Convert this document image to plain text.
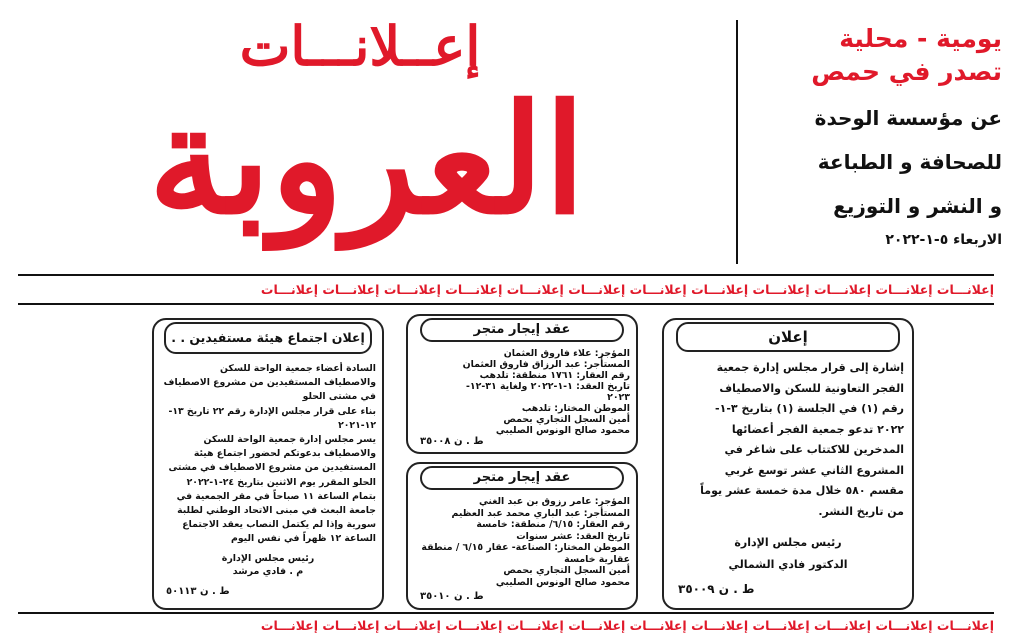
يومية - محلية
تصدر في حمص
عن مؤسسة الوحدة
للصحافة و الطباعة
و النشر و التوزيع
الاربعاء ٥-١-٢٠٢٢
إعــلانـــات
العروبة
إعلانـــات إعلانـــات إعلانـــات إعلانـــات إعلانـــات إعلانـــات إعلانـــات إعلانـــات إعلانـــات إعلانـــات إعلانـــات إعلانـــات
إعلان

إشارة إلى قرار مجلس إدارة جمعية

الفجر التعاونية للسكن والاصطياف

رقم (١) في الجلسة (١) بتاريخ ٣-١-

٢٠٢٢ تدعو جمعية الفجر أعضائها

المدخرين للاكتتاب على شاغر في

المشروع الثاني عشر توسع غربي

مقسم ٥٨٠ خلال مدة خمسة عشر يوماً

من تاريخ النشر.

رئيس مجلس الإدارة
الدكتور فادي الشمالي
ط . ن ٣٥٠٠٩
عقد إيجار متجر

المؤجر: علاء فاروق العثمان

المستأجر: عبد الرزاق فاروق العثمان

رقم العقار: ١٧٦١ منطقة: تلدهب

تاريخ العقد: ١-١-٢٠٢٢ ولغاية ٣١-١٢-

٢٠٢٣

الموطن المختار: تلدهب

أمين السجل التجاري بحمص

محمود صالح الونوس الصليبي

ط . ن ٣٥٠٠٨
عقد إيجار متجر

المؤجر: عامر رزوق بن عبد الغني

المستأجر: عبد الباري محمد عبد العظيم

رقم العقار: ٦/١٥/ منطقة: خامسة

تاريخ العقد: عشر سنوات

الموطن المختار: الصناعة- عقار ٦/١٥ / منطقة

عقارية خامسة

أمين السجل التجاري بحمص

محمود صالح الونوس الصليبي

ط . ن ٣٥٠١٠
إعلان اجتماع هيئة مستفيدين . .

السادة أعضاء جمعية الواحة للسكن

والاصطياف المستفيدين من مشروع الاصطياف

في مشتى الحلو

بناء على قرار مجلس الإدارة رقم ٢٢ تاريخ ١٣-

١٢-٢٠٢١

يسر مجلس إدارة جمعية الواحة للسكن

والاصطياف بدعوتكم لحضور اجتماع هيئة

المستفيدين من مشروع الاصطياف في مشتى

الحلو المقرر يوم الاثنين بتاريخ ٢٤-١-٢٠٢٢

بتمام الساعة ١١ صباحاً في مقر الجمعية في

جامعة البعث في مبنى الاتحاد الوطني لطلبة

سورية وإذا لم يكتمل النصاب يعقد الاجتماع

الساعة ١٢ ظهراً في نفس اليوم

رئيس مجلس الإدارة
م . فادي مرشد
ط . ن ٥٠١١٣
إعلانـــات إعلانـــات إعلانـــات إعلانـــات إعلانـــات إعلانـــات إعلانـــات إعلانـــات إعلانـــات إعلانـــات إعلانـــات إعلانـــات
